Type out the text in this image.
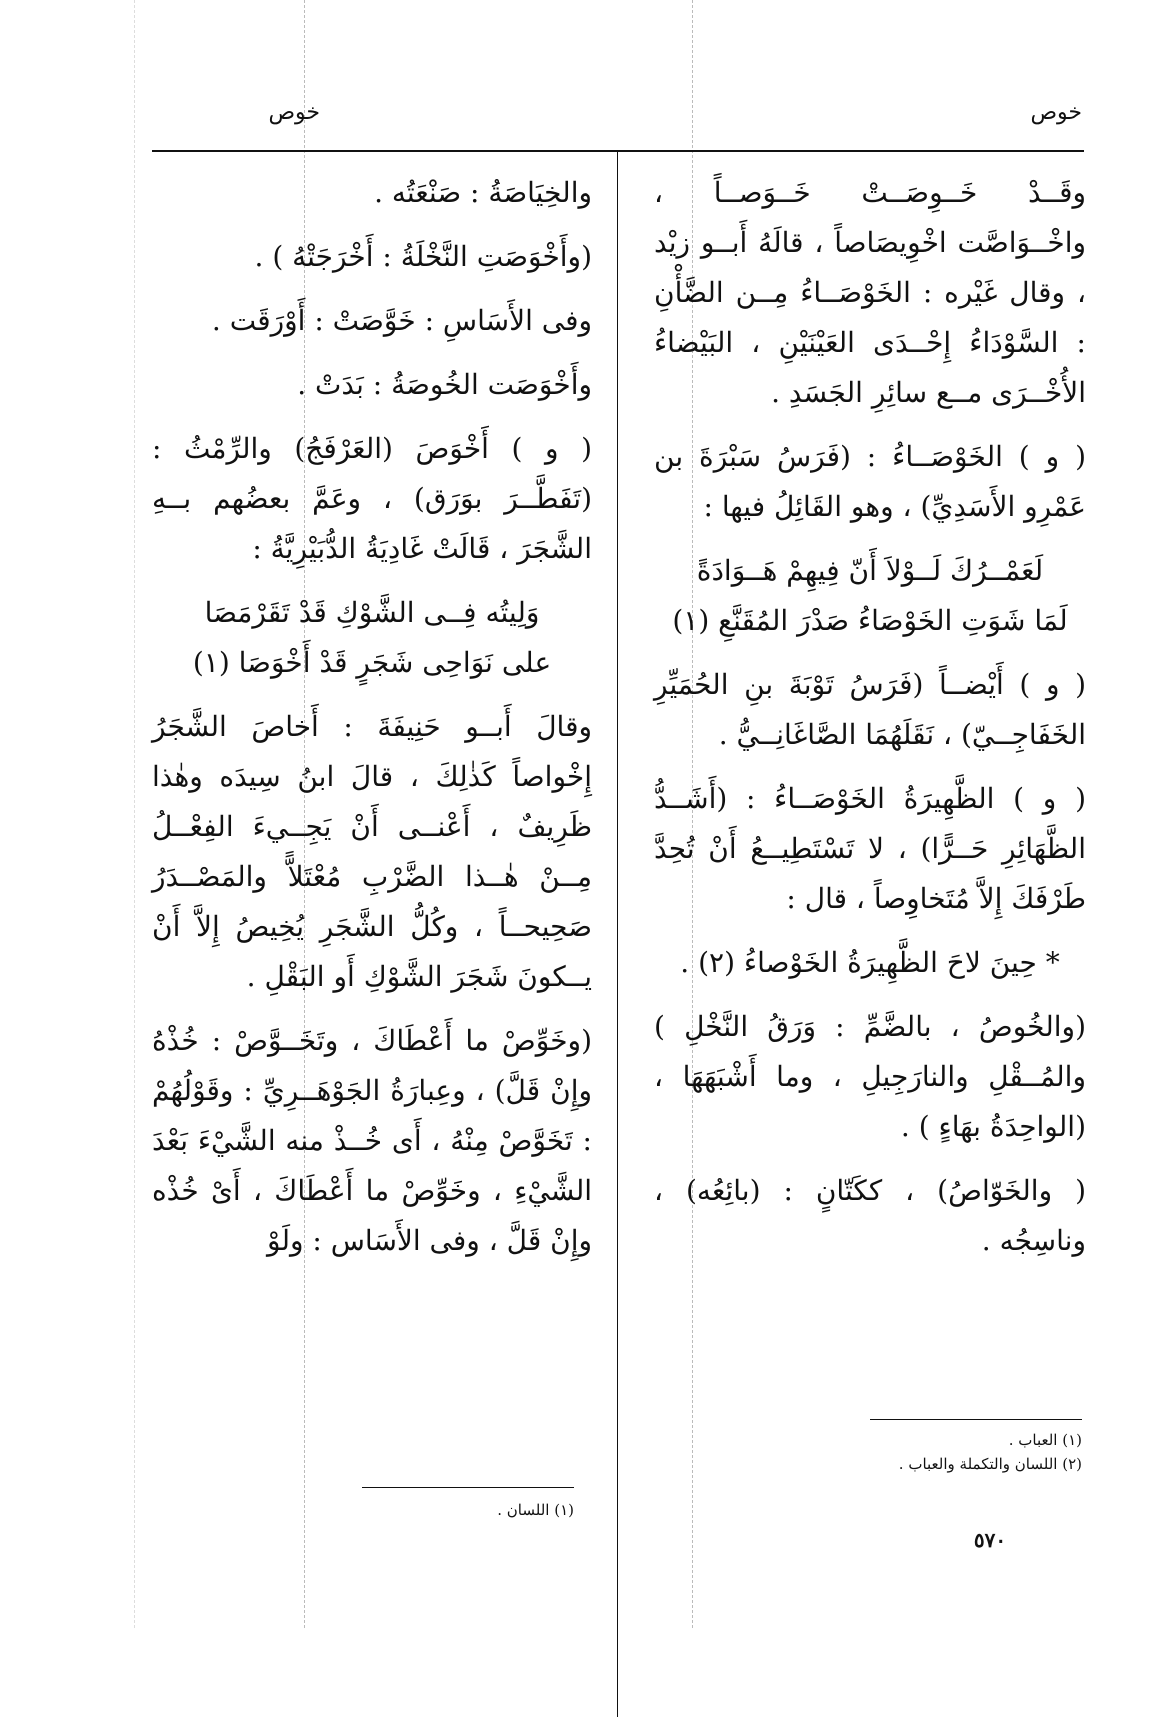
خوص
خوص

وقَــدْ خَــوِصَــتْ خَــوَصــاً ، واخْــوَاصَّت اخْوِيصَاصاً ، قالَهُ أَبــو زيْد ، وقال غَيْره : الخَوْصَــاءُ مِــن الضَّأْنِ : السَّوْدَاءُ إِحْــدَى العَيْنَيْنِ ، البَيْضاءُ الأُخْــرَى مــع سائِرِ الجَسَدِ .

( و ) الخَوْصَــاءُ : (فَرَسُ سَبْرَةَ بن عَمْرِو الأَسَدِيِّ) ، وهو القَائِلُ فيها :

لَعَمْــرُكَ لَــوْلاَ أَنّ فِيهِمْ هَــوَادَةً

لَمَا شَوَتِ الخَوْصَاءُ صَدْرَ المُقَنَّعِ (١)

( و ) أَيْضــاً (فَرَسُ تَوْبَةَ بنِ الحُمَيِّرِ الخَفَاجِــيّ) ، نَقَلَهُمَا الصَّاغَانِــيُّ .

( و ) الظَّهِيرَةُ الخَوْصَــاءُ : (أَشَــدُّ الظَّهَائِرِ حَــرًّا) ، لا تَسْتَطِيــعُ أَنْ تُحِدَّ طَرْفَكَ إِلاَّ مُتَخاوِصاً ، قال :

* حِينَ لاحَ الظَّهِيرَةُ الخَوْصاءُ (٢) .

(والخُوصُ ، بالضَّمِّ : وَرَقُ النَّخْلِ ) والمُــقْلِ والنارَجِيلِ ، وما أَشْبَهَهَا ، (الواحِدَةُ بهَاءٍ ) .

( والخَوّاصُ) ، ككَتّانٍ : (بائِعُه) ، وناسِجُه .

(١) العباب .
(٢) اللسان والتكملة والعباب .

والخِيَاصَةُ : صَنْعَتُه .

(وأَخْوَصَتِ النَّخْلَةُ : أَخْرَجَتْهُ ) .

وفى الأَسَاسِ : خَوَّصَتْ : أَوْرَقَت .

وأَخْوَصَت الخُوصَةُ : بَدَتْ .

( و ) أَخْوَصَ (العَرْفَجُ) والرِّمْثُ : (تَفَطَّــرَ بوَرَق) ، وعَمَّ بعضُهم بــهِ الشَّجَرَ ، قَالَتْ غَادِيَةُ الدُّبَيْرِيَّةُ :

وَلِيتُه فِــى الشَّوْكِ قَدْ تَقَرْمَصَا

على نَوَاحِى شَجَرٍ قَدْ أَخْوَصَا (١)

وقالَ أَبــو حَنِيفَةَ : أَخاصَ الشَّجَرُ إِخْواصاً كَذٰلِكَ ، قالَ ابنُ سِيدَه وهٰذا ظَرِيفٌ ، أَعْنــى أَنْ يَجِــيءَ الفِعْــلُ مِــنْ هٰــذا الضَّرْبِ مُعْتَلاًّ والمَصْــدَرُ صَحِيحــاً ، وكُلُّ الشَّجَرِ يُخِيصُ إِلاَّ أَنْ يــكونَ شَجَرَ الشَّوْكِ أَو البَقْلِ .

(وخَوِّصْ ما أَعْطَاكَ ، وتَخَــوَّصْ : خُذْهُ وإِنْ قَلَّ) ، وعِبارَةُ الجَوْهَــرِيِّ : وقَوْلُهُمْ : تَخَوَّصْ مِنْهُ ، أَى خُــذْ منه الشَّيْءَ بَعْدَ الشَّيْءِ ، وخَوِّصْ ما أَعْطَاكَ ، أَىْ خُذْه وإِنْ قَلَّ ، وفى الأَسَاس : ولَوْ

(١) اللسان .
٥٧٠
